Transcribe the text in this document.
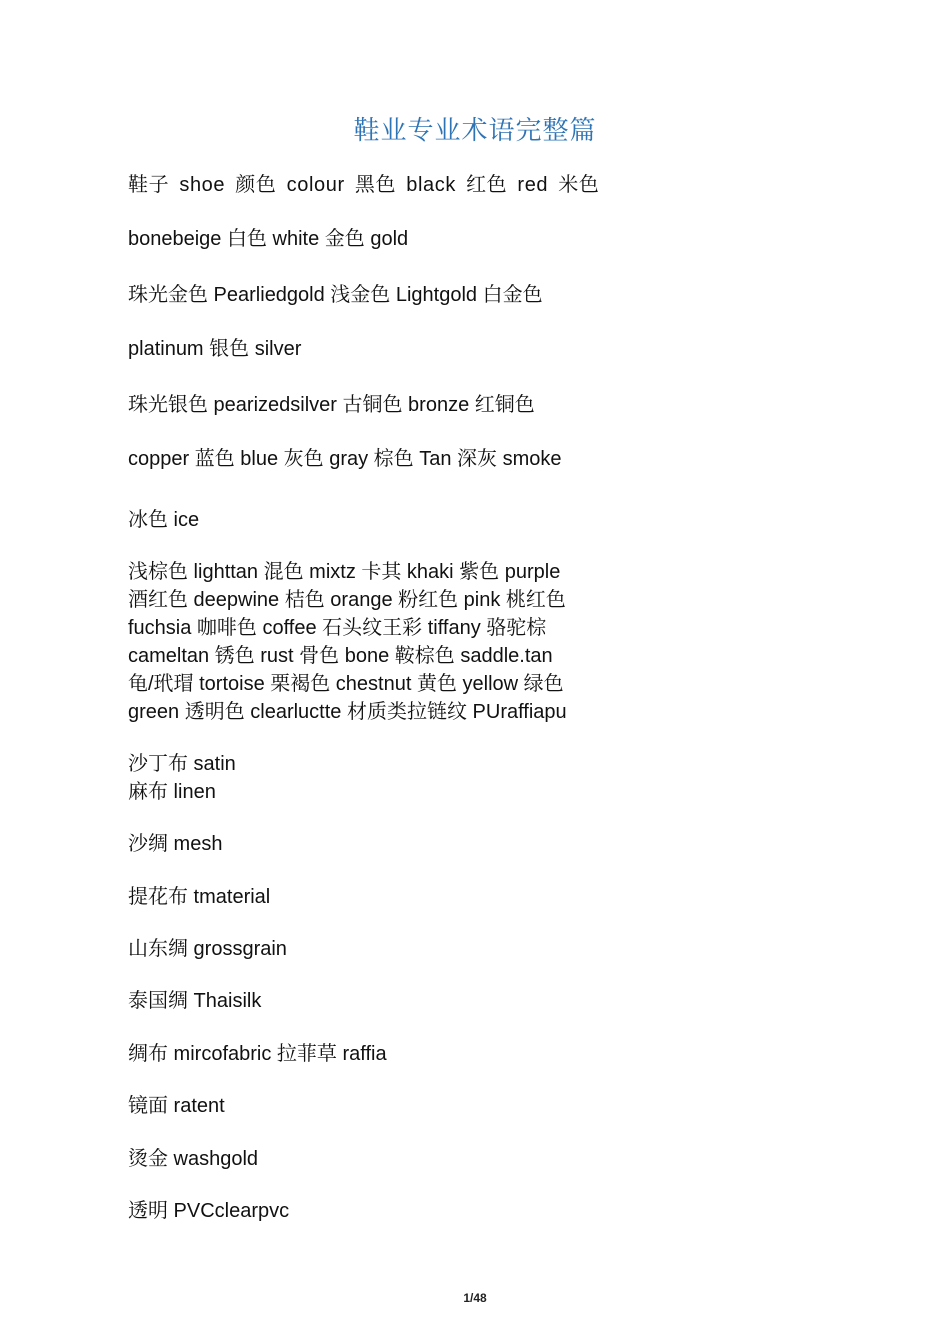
鞋业专业术语完整篇
鞋子 shoe 颜色 colour 黑色 black 红色 red 米色
bonebeige 白色 white 金色 gold
珠光金色 Pearliedgold 浅金色 Lightgold 白金色
platinum 银色 silver
珠光银色 pearizedsilver 古铜色 bronze 红铜色
copper 蓝色 blue 灰色 gray 棕色 Tan 深灰 smoke
冰色 ice
浅棕色 lighttan 混色 mixtz 卡其 khaki 紫色 purple
酒红色 deepwine 桔色 orange 粉红色 pink 桃红色
fuchsia 咖啡色 coffee 石头纹王彩 tiffany 骆驼棕
cameltan 锈色 rust 骨色 bone 鞍棕色 saddle.tan
龟/玳瑁 tortoise 栗褐色 chestnut 黄色 yellow 绿色
green 透明色 clearluctte 材质类拉链纹 PUraffiapu
沙丁布 satin
麻布 linen
沙绸 mesh
提花布 tmaterial
山东绸 grossgrain
泰国绸 Thaisilk
绸布 mircofabric 拉菲草 raffia
镜面 ratent
烫金 washgold
透明 PVCclearpvc
1/48
